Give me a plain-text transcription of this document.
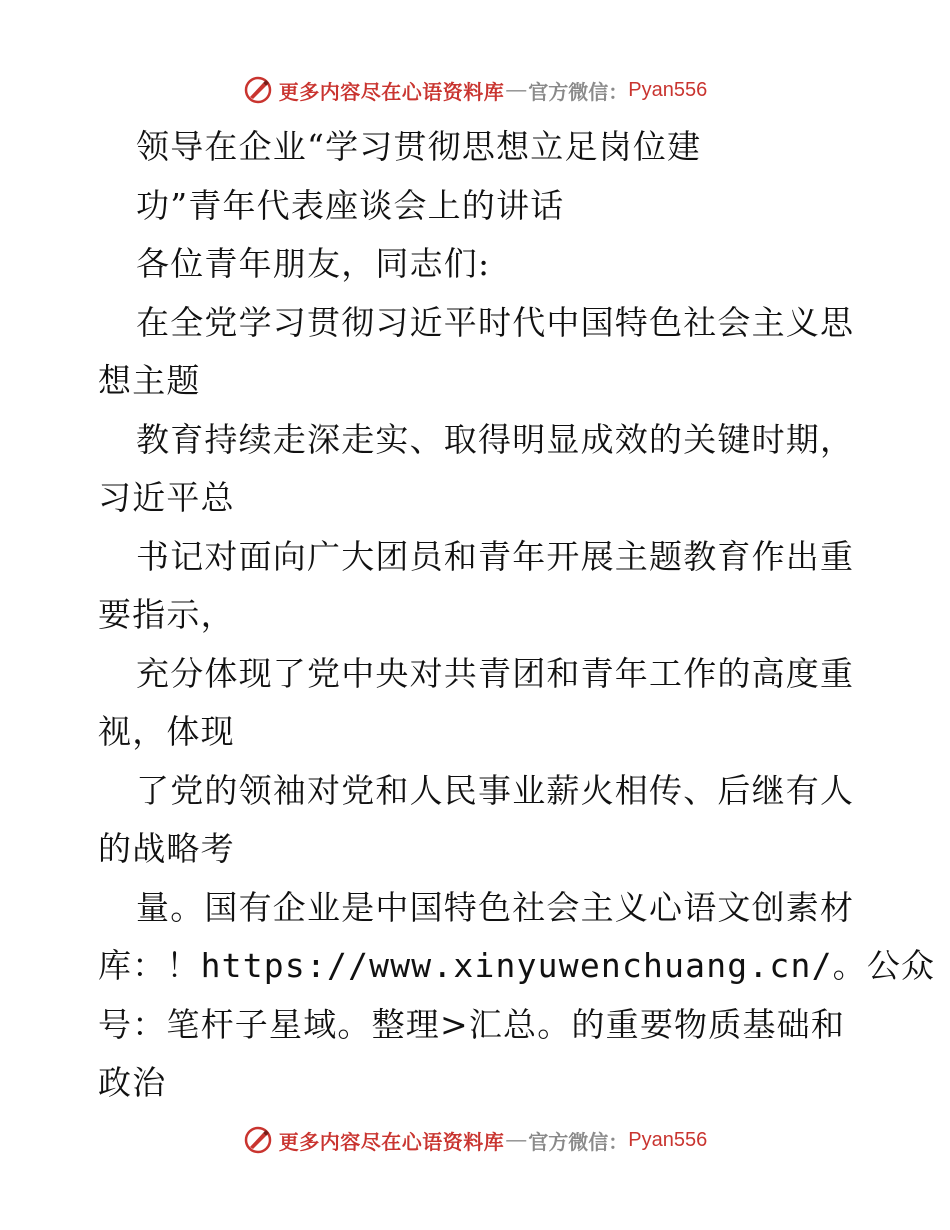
更多内容尽在心语资料库 — 官方微信： Pyan556
领导在企业“学习贯彻思想立足岗位建
功”青年代表座谈会上的讲话
各位青年朋友，同志们:
在全党学习贯彻习近平时代中国特色社会主义思
想主题
教育持续走深走实、取得明显成效的关键时期，
习近平总
书记对面向广大团员和青年开展主题教育作出重
要指示，
充分体现了党中央对共青团和青年工作的高度重
视，体现
了党的领袖对党和人民事业薪火相传、后继有人
的战略考
量。国有企业是中国特色社会主义心语文创素材
库：！https://www.xinyuwenchuang.cn/。公众
号：笔杆子星域。整理>汇总。的重要物质基础和
政治
更多内容尽在心语资料库 — 官方微信： Pyan556
